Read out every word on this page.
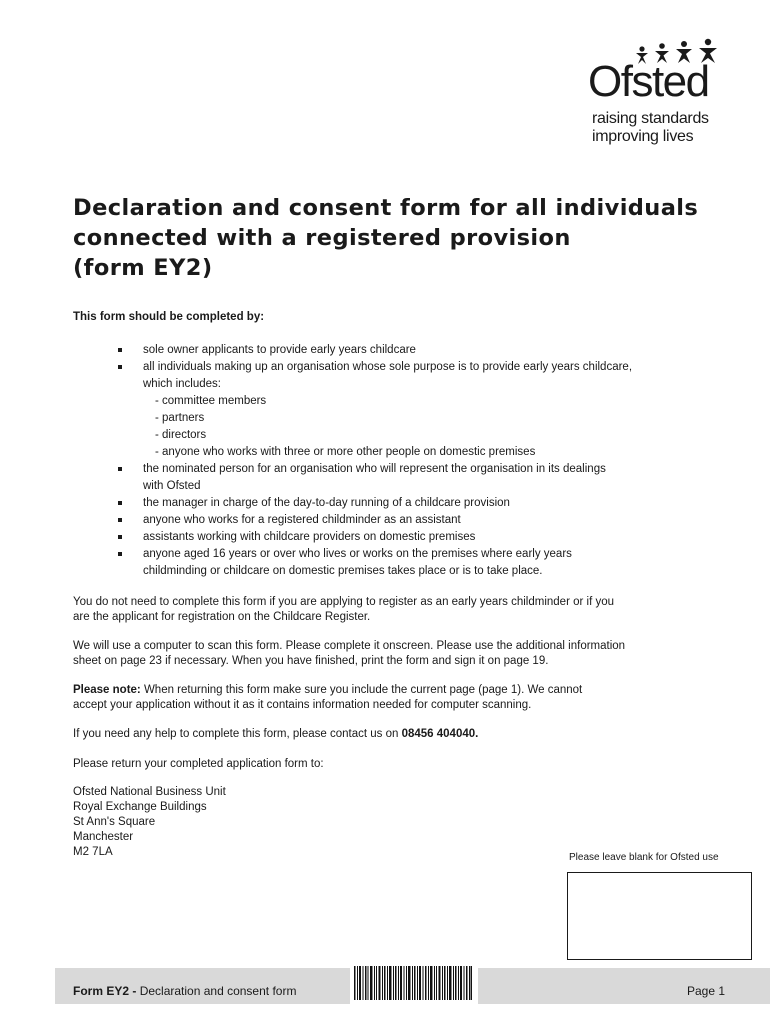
Ofsted
raising standards
improving lives
Declaration and consent form for all individuals
connected with a registered provision
(form EY2)
This form should be completed by:
sole owner applicants to provide early years childcare
all individuals making up an organisation whose sole purpose is to provide early years childcare,
which includes:
- committee members
- partners
- directors
- anyone who works with three or more other people on domestic premises
the nominated person for an organisation who will represent the organisation in its dealings
with Ofsted
the manager in charge of the day-to-day running of a childcare provision
anyone who works for a registered childminder as an assistant
assistants working with childcare providers on domestic premises
anyone aged 16 years or over who lives or works on the premises where early years
childminding or childcare on domestic premises takes place or is to take place.
You do not need to complete this form if you are applying to register as an early years childminder or if you
are the applicant for registration on the Childcare Register.
We will use a computer to scan this form. Please complete it onscreen. Please use the additional information
sheet on page 23 if necessary. When you have finished, print the form and sign it on page 19.
Please note: When returning this form make sure you include the current page (page 1). We cannot
accept your application without it as it contains information needed for computer scanning.
If you need any help to complete this form, please contact us on 08456 404040.
Please return your completed application form to:
Ofsted National Business Unit
Royal Exchange Buildings
St Ann's Square
Manchester
M2 7LA	Please leave blank for Ofsted use
Form EY2 - Declaration and consent form	Page 1
